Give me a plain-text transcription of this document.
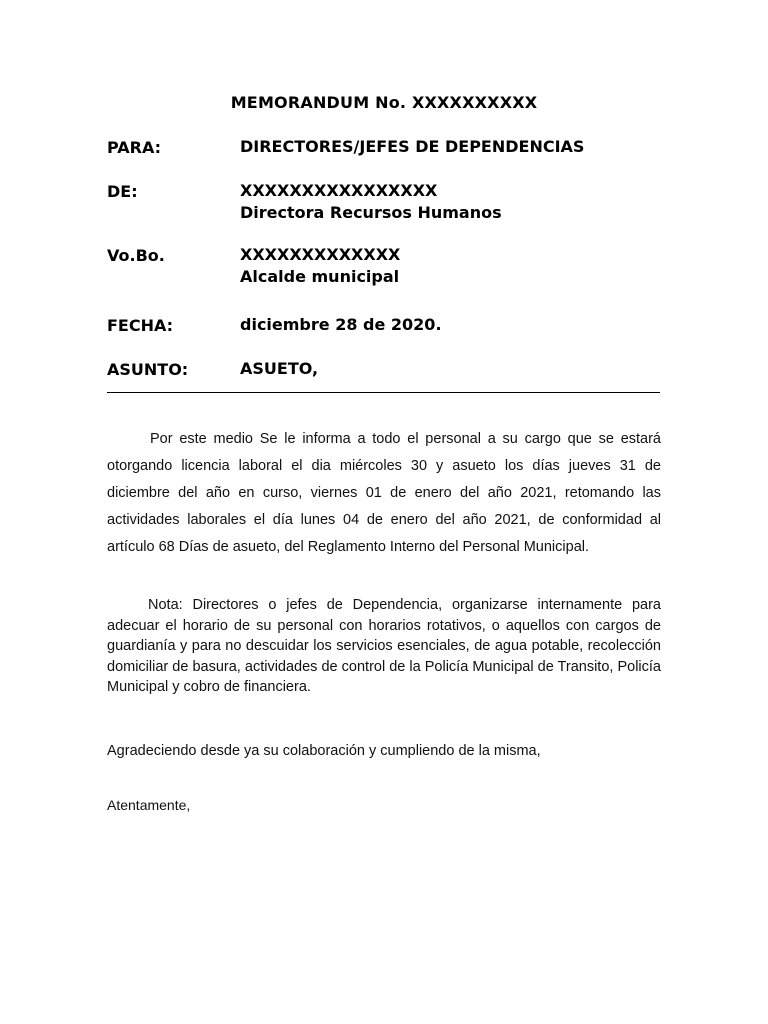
MEMORANDUM No. XXXXXXXXXX
PARA:	DIRECTORES/JEFES DE DEPENDENCIAS
DE:	XXXXXXXXXXXXXXXX
Directora Recursos Humanos
Vo.Bo.	XXXXXXXXXXXXX
Alcalde municipal
FECHA:	diciembre 28 de 2020.
ASUNTO:	ASUETO,
Por este medio Se le informa a todo el personal a su cargo que se estará otorgando licencia laboral el dia miércoles 30 y asueto los días jueves 31 de diciembre del año en curso, viernes 01 de enero del año 2021, retomando las actividades laborales el día lunes 04 de enero del año 2021, de conformidad al artículo 68 Días de asueto, del Reglamento Interno del Personal Municipal.
Nota: Directores o jefes de Dependencia, organizarse internamente para adecuar el horario de su personal con horarios rotativos, o aquellos con cargos de guardianía y para no descuidar los servicios esenciales, de agua potable, recolección domiciliar de basura, actividades de control de la Policía Municipal de Transito, Policía Municipal y cobro de financiera.
Agradeciendo desde ya su colaboración y cumpliendo de la misma,
Atentamente,
